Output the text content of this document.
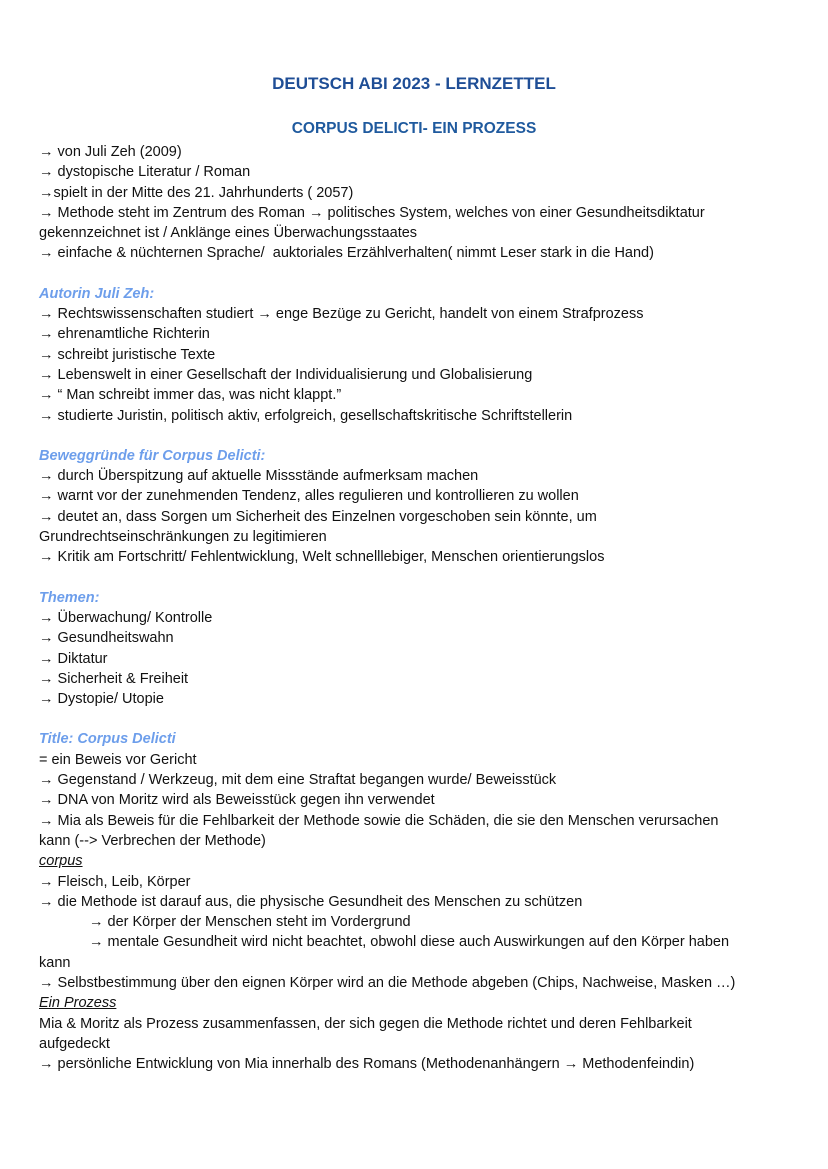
DEUTSCH ABI 2023 - LERNZETTEL
CORPUS DELICTI- EIN PROZESS
→ von Juli Zeh (2009)
→ dystopische Literatur / Roman
→spielt in der Mitte des 21. Jahrhunderts ( 2057)
→ Methode steht im Zentrum des Roman → politisches System, welches von einer Gesundheitsdiktatur
gekennzeichnet ist / Anklänge eines Überwachungsstaates
→ einfache & nüchternen Sprache/  auktoriales Erzählverhalten( nimmt Leser stark in die Hand)
Autorin Juli Zeh:
→ Rechtswissenschaften studiert → enge Bezüge zu Gericht, handelt von einem Strafprozess
→ ehrenamtliche Richterin
→ schreibt juristische Texte
→ Lebenswelt in einer Gesellschaft der Individualisierung und Globalisierung
→ “ Man schreibt immer das, was nicht klappt.”
→ studierte Juristin, politisch aktiv, erfolgreich, gesellschaftskritische Schriftstellerin
Beweggründe für Corpus Delicti:
→ durch Überspitzung auf aktuelle Missstände aufmerksam machen
→ warnt vor der zunehmenden Tendenz, alles regulieren und kontrollieren zu wollen
→ deutet an, dass Sorgen um Sicherheit des Einzelnen vorgeschoben sein könnte, um
Grundrechtseinschränkungen zu legitimieren
→ Kritik am Fortschritt/ Fehlentwicklung, Welt schnelllebiger, Menschen orientierungslos
Themen:
→ Überwachung/ Kontrolle
→ Gesundheitswahn
→ Diktatur
→ Sicherheit & Freiheit
→ Dystopie/ Utopie
Title: Corpus Delicti
= ein Beweis vor Gericht
→ Gegenstand / Werkzeug, mit dem eine Straftat begangen wurde/ Beweisstück
→ DNA von Moritz wird als Beweisstück gegen ihn verwendet
→ Mia als Beweis für die Fehlbarkeit der Methode sowie die Schäden, die sie den Menschen verursachen
kann (--> Verbrechen der Methode)
corpus
→ Fleisch, Leib, Körper
→ die Methode ist darauf aus, die physische Gesundheit des Menschen zu schützen
→ der Körper der Menschen steht im Vordergrund
→ mentale Gesundheit wird nicht beachtet, obwohl diese auch Auswirkungen auf den Körper haben
kann
→ Selbstbestimmung über den eignen Körper wird an die Methode abgeben (Chips, Nachweise, Masken …)
Ein Prozess
Mia & Moritz als Prozess zusammenfassen, der sich gegen die Methode richtet und deren Fehlbarkeit
aufgedeckt
→ persönliche Entwicklung von Mia innerhalb des Romans (Methodenanhängern → Methodenfeindin)
